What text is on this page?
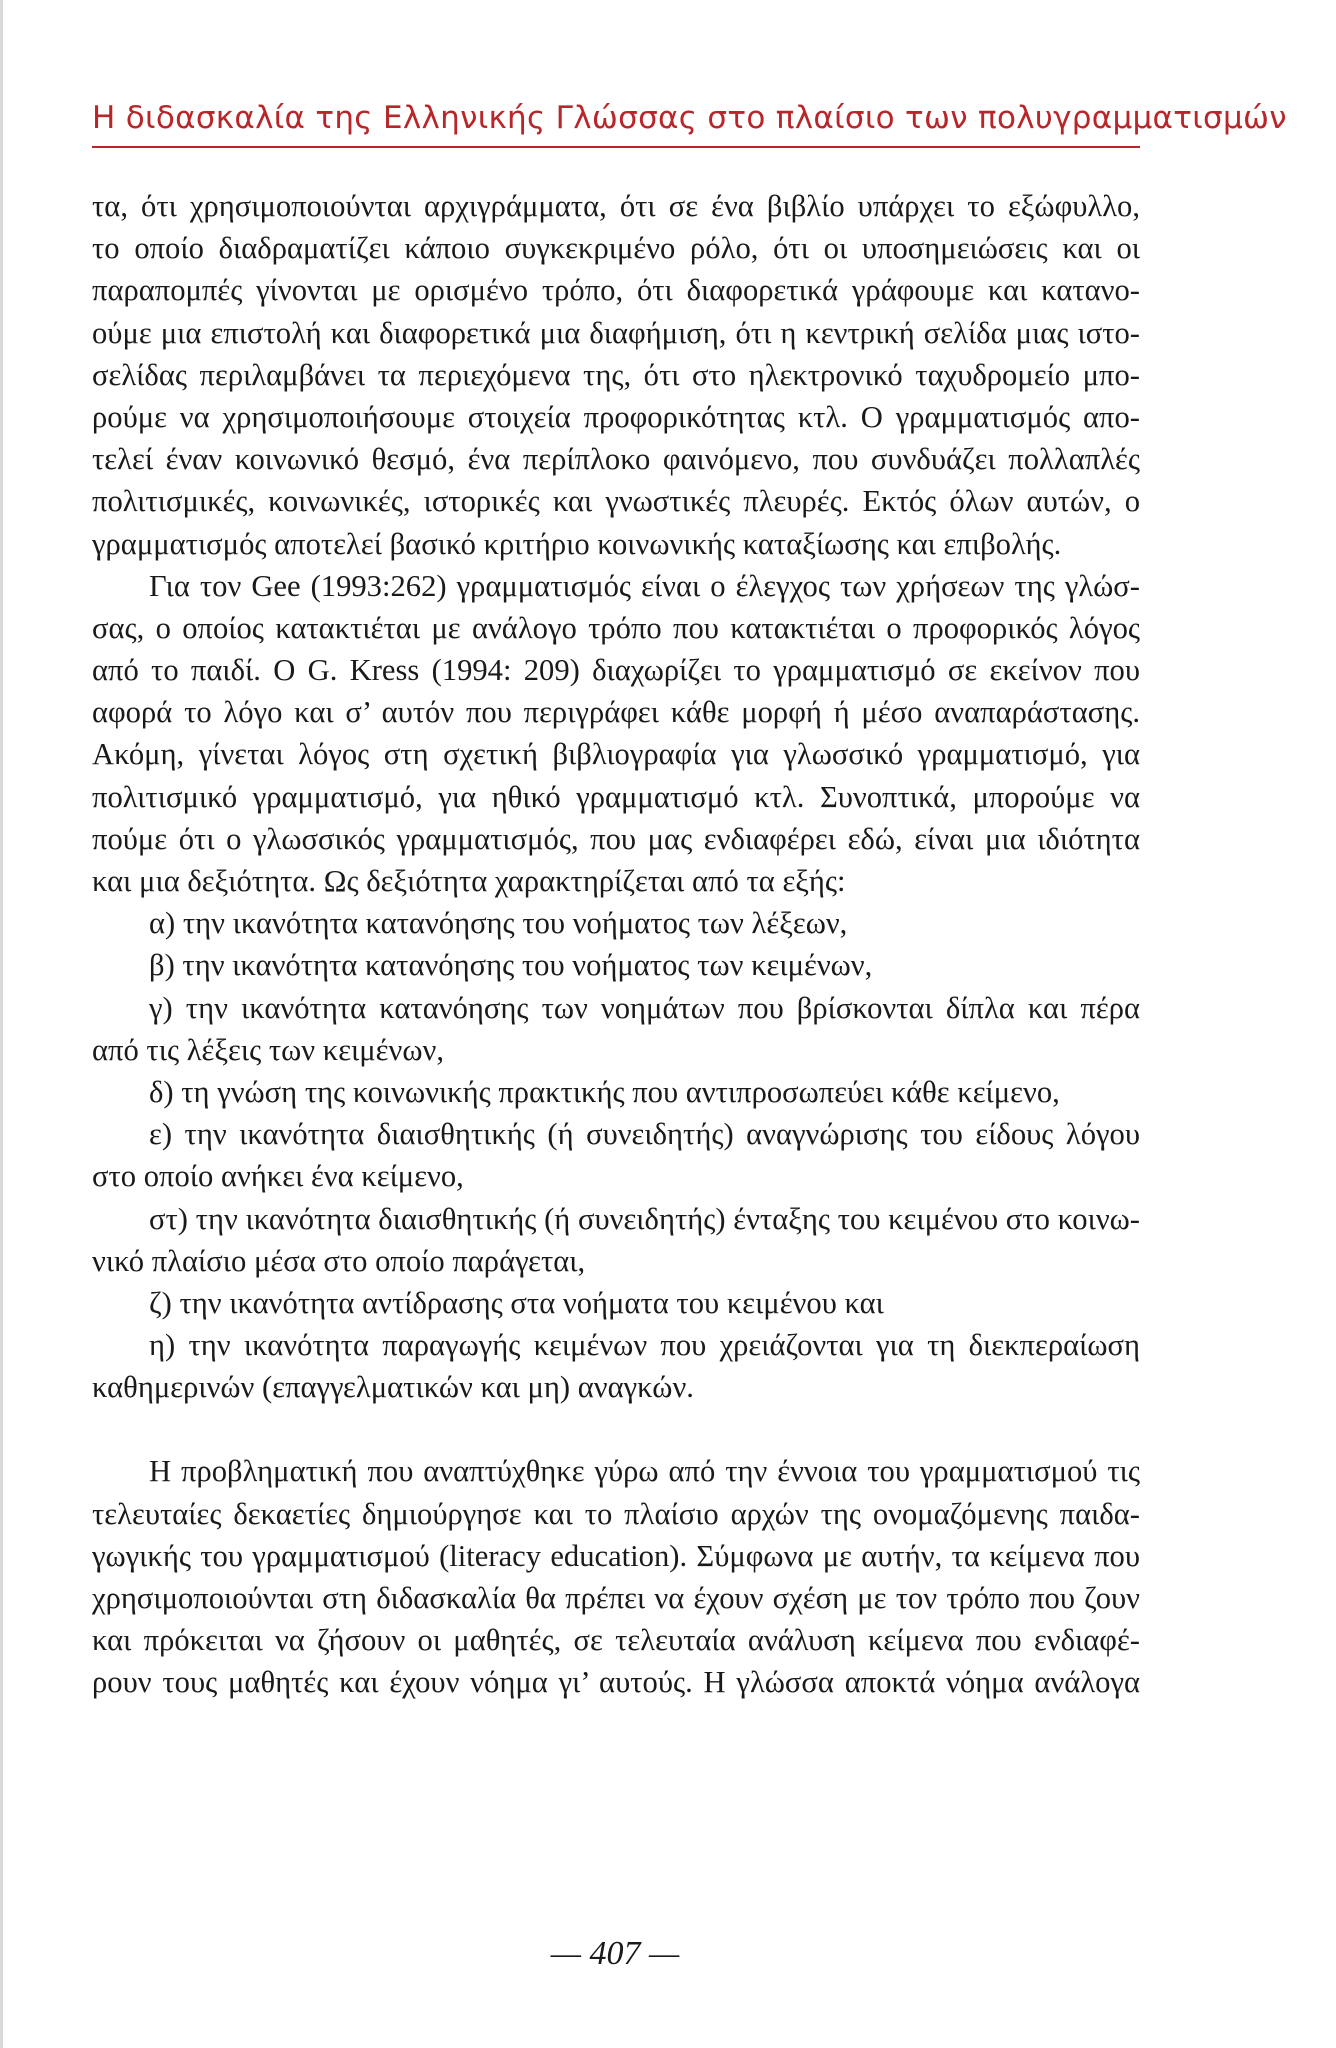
Η διδασκαλία της Ελληνικής Γλώσσας στο πλαίσιο των πολυγραμματισμών
τα, ότι χρησιμοποιούνται αρχιγράμματα, ότι σε ένα βιβλίο υπάρχει το εξώφυλλο,
το οποίο διαδραματίζει κάποιο συγκεκριμένο ρόλο, ότι οι υποσημειώσεις και οι
παραπομπές γίνονται με ορισμένο τρόπο, ότι διαφορετικά γράφουμε και κατανο-
ούμε μια επιστολή και διαφορετικά μια διαφήμιση, ότι η κεντρική σελίδα μιας ιστο-
σελίδας περιλαμβάνει τα περιεχόμενα της, ότι στο ηλεκτρονικό ταχυδρομείο μπο-
ρούμε να χρησιμοποιήσουμε στοιχεία προφορικότητας κτλ. Ο γραμματισμός απο-
τελεί έναν κοινωνικό θεσμό, ένα περίπλοκο φαινόμενο, που συνδυάζει πολλαπλές
πολιτισμικές, κοινωνικές, ιστορικές και γνωστικές πλευρές. Εκτός όλων αυτών, ο
γραμματισμός αποτελεί βασικό κριτήριο κοινωνικής καταξίωσης και επιβολής.
Για τον Gee (1993:262) γραμματισμός είναι ο έλεγχος των χρήσεων της γλώσ-
σας, ο οποίος κατακτιέται με ανάλογο τρόπο που κατακτιέται ο προφορικός λόγος
από το παιδί. Ο G. Kress (1994: 209) διαχωρίζει το γραμματισμό σε εκείνον που
αφορά το λόγο και σ’ αυτόν που περιγράφει κάθε μορφή ή μέσο αναπαράστασης.
Ακόμη, γίνεται λόγος στη σχετική βιβλιογραφία για γλωσσικό γραμματισμό, για
πολιτισμικό γραμματισμό, για ηθικό γραμματισμό κτλ. Συνοπτικά, μπορούμε να
πούμε ότι ο γλωσσικός γραμματισμός, που μας ενδιαφέρει εδώ, είναι μια ιδιότητα
και μια δεξιότητα. Ως δεξιότητα χαρακτηρίζεται από τα εξής:
α) την ικανότητα κατανόησης του νοήματος των λέξεων,
β) την ικανότητα κατανόησης του νοήματος των κειμένων,
γ) την ικανότητα κατανόησης των νοημάτων που βρίσκονται δίπλα και πέρα
από τις λέξεις των κειμένων,
δ) τη γνώση της κοινωνικής πρακτικής που αντιπροσωπεύει κάθε κείμενο,
ε) την ικανότητα διαισθητικής (ή συνειδητής) αναγνώρισης του είδους λόγου
στο οποίο ανήκει ένα κείμενο,
στ) την ικανότητα διαισθητικής (ή συνειδητής) ένταξης του κειμένου στο κοινω-
νικό πλαίσιο μέσα στο οποίο παράγεται,
ζ) την ικανότητα αντίδρασης στα νοήματα του κειμένου και
η) την ικανότητα παραγωγής κειμένων που χρειάζονται για τη διεκπεραίωση
καθημερινών (επαγγελματικών και μη) αναγκών.
Η προβληματική που αναπτύχθηκε γύρω από την έννοια του γραμματισμού τις
τελευταίες δεκαετίες δημιούργησε και το πλαίσιο αρχών της ονομαζόμενης παιδα-
γωγικής του γραμματισμού (literacy education). Σύμφωνα με αυτήν, τα κείμενα που
χρησιμοποιούνται στη διδασκαλία θα πρέπει να έχουν σχέση με τον τρόπο που ζουν
και πρόκειται να ζήσουν οι μαθητές, σε τελευταία ανάλυση κείμενα που ενδιαφέ-
ρουν τους μαθητές και έχουν νόημα γι’ αυτούς. Η γλώσσα αποκτά νόημα ανάλογα
— 407 —
